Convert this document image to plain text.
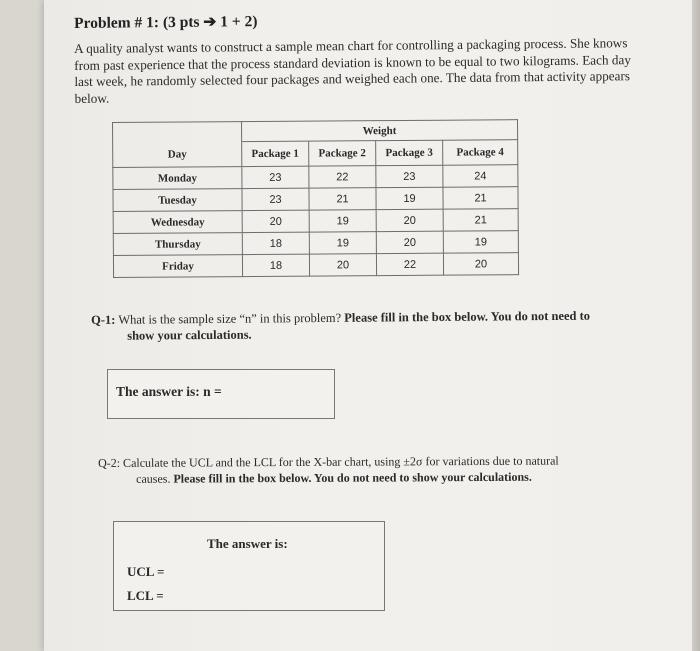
Problem # 1: (3 pts ➔ 1 + 2)
A quality analyst wants to construct a sample mean chart for controlling a packaging process. She knows from past experience that the process standard deviation is known to be equal to two kilograms. Each day last week, he randomly selected four packages and weighed each one. The data from that activity appears below.
	Weight			
Day	Package 1	Package 2	Package 3	Package 4
Monday	23	22	23	24
Tuesday	23	21	19	21
Wednesday	20	19	20	21
Thursday	18	19	20	19
Friday	18	20	22	20
Q-1: What is the sample size “n” in this problem? Please fill in the box below. You do not need to
show your calculations.
The answer is: n =
Q-2: Calculate the UCL and the LCL for the X-bar chart, using ±2σ for variations due to natural
causes. Please fill in the box below. You do not need to show your calculations.
The answer is:
UCL =
LCL =
